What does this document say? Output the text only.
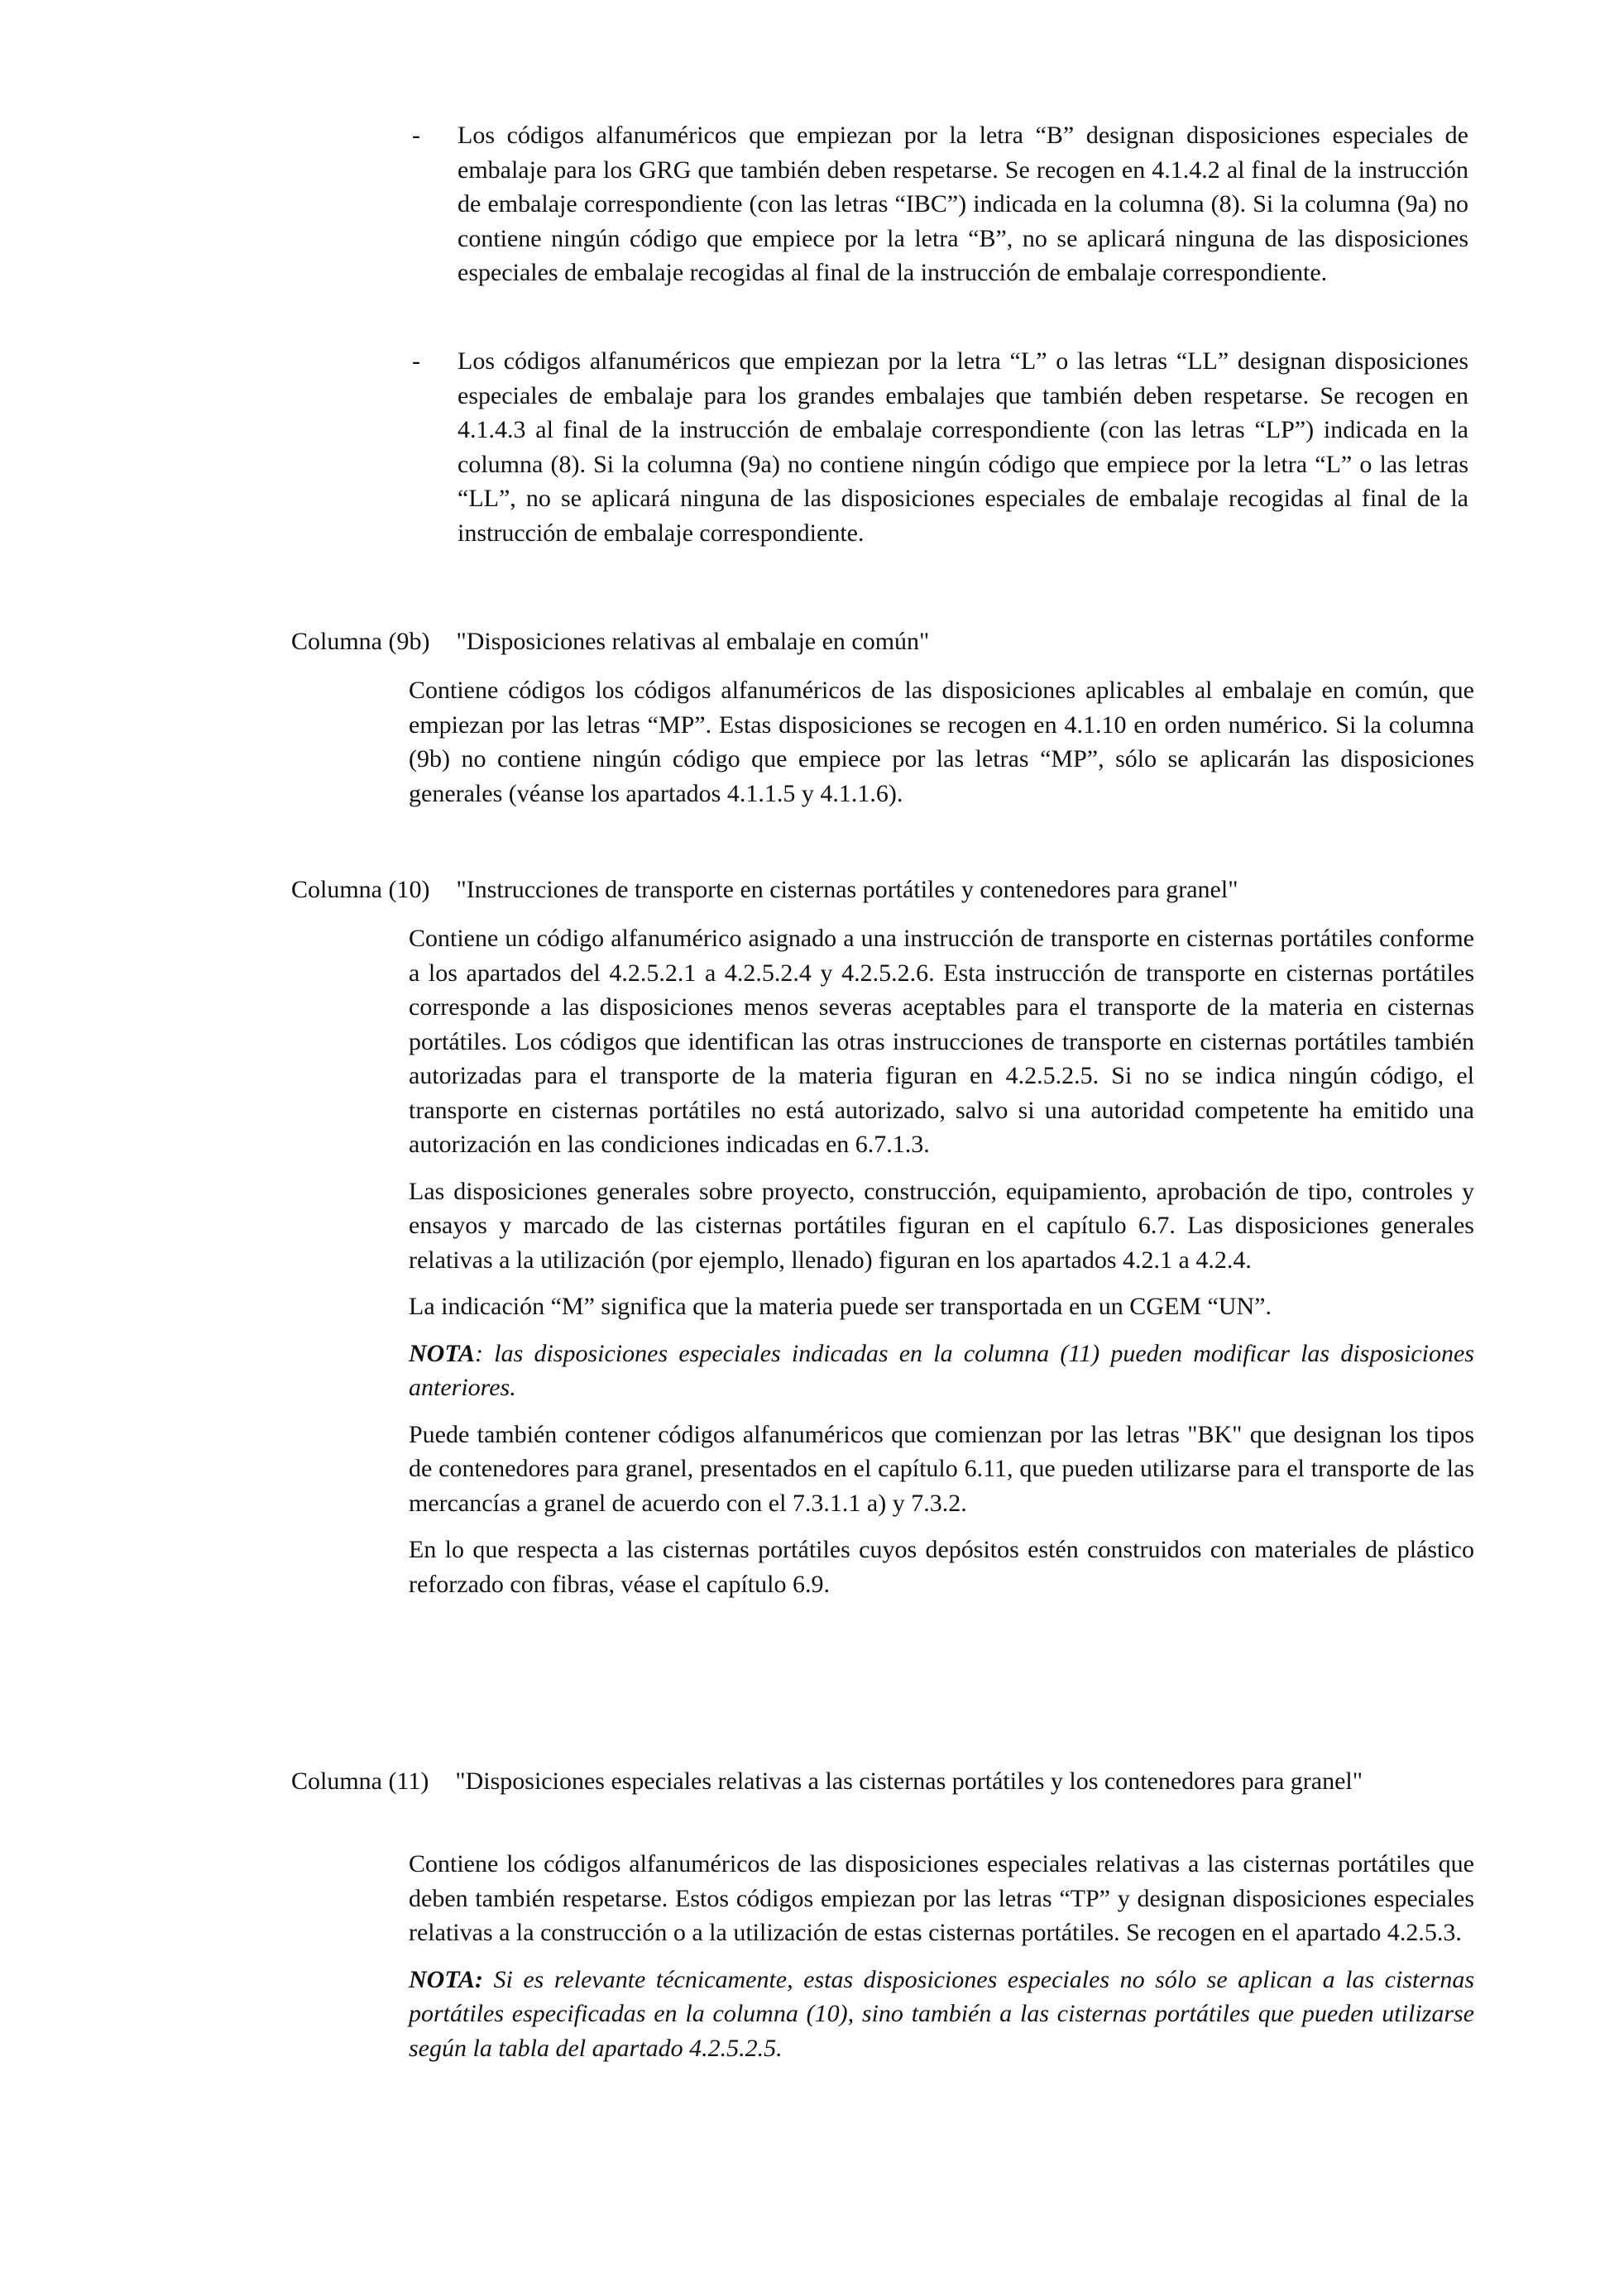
-	Los códigos alfanuméricos que empiezan por la letra “B” designan disposiciones especiales de embalaje para los GRG que también deben respetarse. Se recogen en 4.1.4.2 al final de la instrucción de embalaje correspondiente (con las letras “IBC”) indicada en la columna (8). Si la columna (9a) no contiene ningún código que empiece por la letra “B”, no se aplicará ninguna de las disposiciones especiales de embalaje recogidas al final de la instrucción de embalaje correspondiente.

-	Los códigos alfanuméricos que empiezan por la letra “L” o las letras “LL” designan disposiciones especiales de embalaje para los grandes embalajes que también deben respetarse. Se recogen en 4.1.4.3 al final de la instrucción de embalaje correspondiente (con las letras “LP”) indicada en la columna (8). Si la columna (9a) no contiene ningún código que empiece por la letra “L” o las letras “LL”, no se aplicará ninguna de las disposiciones especiales de embalaje recogidas al final de la instrucción de embalaje correspondiente.

Columna (9b) "Disposiciones relativas al embalaje en común"

Contiene códigos los códigos alfanuméricos de las disposiciones aplicables al embalaje en común, que empiezan por las letras “MP”. Estas disposiciones se recogen en 4.1.10 en orden numérico. Si la columna (9b) no contiene ningún código que empiece por las letras “MP”, sólo se aplicarán las disposiciones generales (véanse los apartados 4.1.1.5 y 4.1.1.6).

Columna (10) "Instrucciones de transporte en cisternas portátiles y contenedores para granel"

Contiene un código alfanumérico asignado a una instrucción de transporte en cisternas portátiles conforme a los apartados del 4.2.5.2.1 a 4.2.5.2.4 y 4.2.5.2.6. Esta instrucción de transporte en cisternas portátiles corresponde a las disposiciones menos severas aceptables para el transporte de la materia en cisternas portátiles. Los códigos que identifican las otras instrucciones de transporte en cisternas portátiles también autorizadas para el transporte de la materia figuran en 4.2.5.2.5. Si no se indica ningún código, el transporte en cisternas portátiles no está autorizado, salvo si una autoridad competente ha emitido una autorización en las condiciones indicadas en 6.7.1.3.

Las disposiciones generales sobre proyecto, construcción, equipamiento, aprobación de tipo, controles y ensayos y marcado de las cisternas portátiles figuran en el capítulo 6.7. Las disposiciones generales relativas a la utilización (por ejemplo, llenado) figuran en los apartados 4.2.1 a 4.2.4.

La indicación “M” significa que la materia puede ser transportada en un CGEM “UN”.

NOTA: las disposiciones especiales indicadas en la columna (11) pueden modificar las disposiciones anteriores.

Puede también contener códigos alfanuméricos que comienzan por las letras "BK" que designan los tipos de contenedores para granel, presentados en el capítulo 6.11, que pueden utilizarse para el transporte de las mercancías a granel de acuerdo con el 7.3.1.1 a) y 7.3.2.

En lo que respecta a las cisternas portátiles cuyos depósitos estén construidos con materiales de plástico reforzado con fibras, véase el capítulo 6.9.

Columna (11) "Disposiciones especiales relativas a las cisternas portátiles y los contenedores para granel"

Contiene los códigos alfanuméricos de las disposiciones especiales relativas a las cisternas portátiles que deben también respetarse. Estos códigos empiezan por las letras “TP” y designan disposiciones especiales relativas a la construcción o a la utilización de estas cisternas portátiles. Se recogen en el apartado 4.2.5.3.

NOTA: Si es relevante técnicamente, estas disposiciones especiales no sólo se aplican a las cisternas portátiles especificadas en la columna (10), sino también a las cisternas portátiles que pueden utilizarse según la tabla del apartado 4.2.5.2.5.
